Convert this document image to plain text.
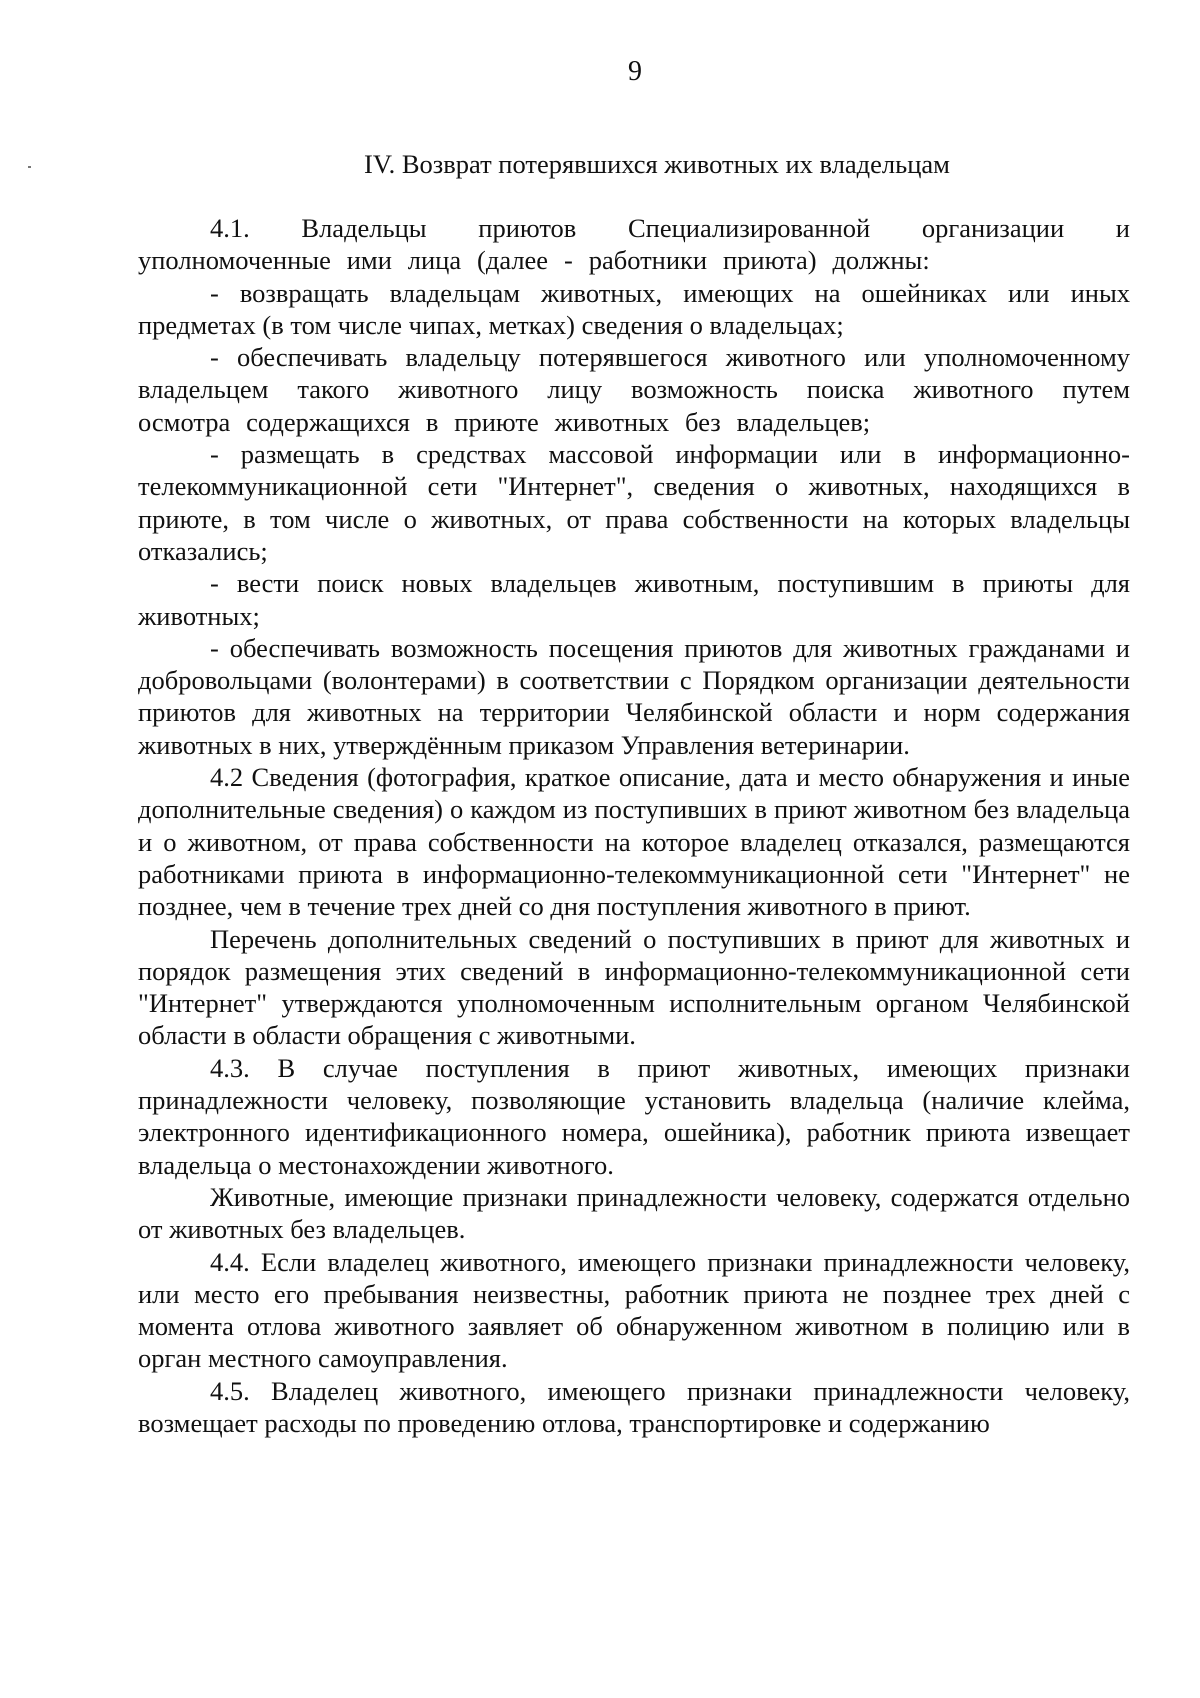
9
IV. Возврат потерявшихся животных их владельцам

4.1. Владельцы приютов Специализированной организации и уполномоченные ими лица (далее - работники приюта) должны:

- возвращать владельцам животных, имеющих на ошейниках или иных предметах (в том числе чипах, метках) сведения о владельцах;

- обеспечивать владельцу потерявшегося животного или уполномоченному владельцем такого животного лицу возможность поиска животного путем осмотра содержащихся в приюте животных без владельцев;

- размещать в средствах массовой информации или в информационно-телекоммуникационной сети "Интернет", сведения о животных, находящихся в приюте, в том числе о животных, от права собственности на которых владельцы отказались;

- вести поиск новых владельцев животным, поступившим в приюты для животных;

- обеспечивать возможность посещения приютов для животных гражданами и добровольцами (волонтерами) в соответствии с Порядком организации деятельности приютов для животных на территории Челябинской области и норм содержания животных в них, утверждённым приказом Управления ветеринарии.

4.2 Сведения (фотография, краткое описание, дата и место обнаружения и иные дополнительные сведения) о каждом из поступивших в приют животном без владельца и о животном, от права собственности на которое владелец отказался, размещаются работниками приюта в информационно-телекоммуникационной сети "Интернет" не позднее, чем в течение трех дней со дня поступления животного в приют.

Перечень дополнительных сведений о поступивших в приют для животных и порядок размещения этих сведений в информационно-телекоммуникационной сети "Интернет" утверждаются уполномоченным исполнительным органом Челябинской области в области обращения с животными.

4.3. В случае поступления в приют животных, имеющих признаки принадлежности человеку, позволяющие установить владельца (наличие клейма, электронного идентификационного номера, ошейника), работник приюта извещает владельца о местонахождении животного.

Животные, имеющие признаки принадлежности человеку, содержатся отдельно от животных без владельцев.

4.4. Если владелец животного, имеющего признаки принадлежности человеку, или место его пребывания неизвестны, работник приюта не позднее трех дней с момента отлова животного заявляет об обнаруженном животном в полицию или в орган местного самоуправления.

4.5. Владелец животного, имеющего признаки принадлежности человеку, возмещает расходы по проведению отлова, транспортировке и содержанию
